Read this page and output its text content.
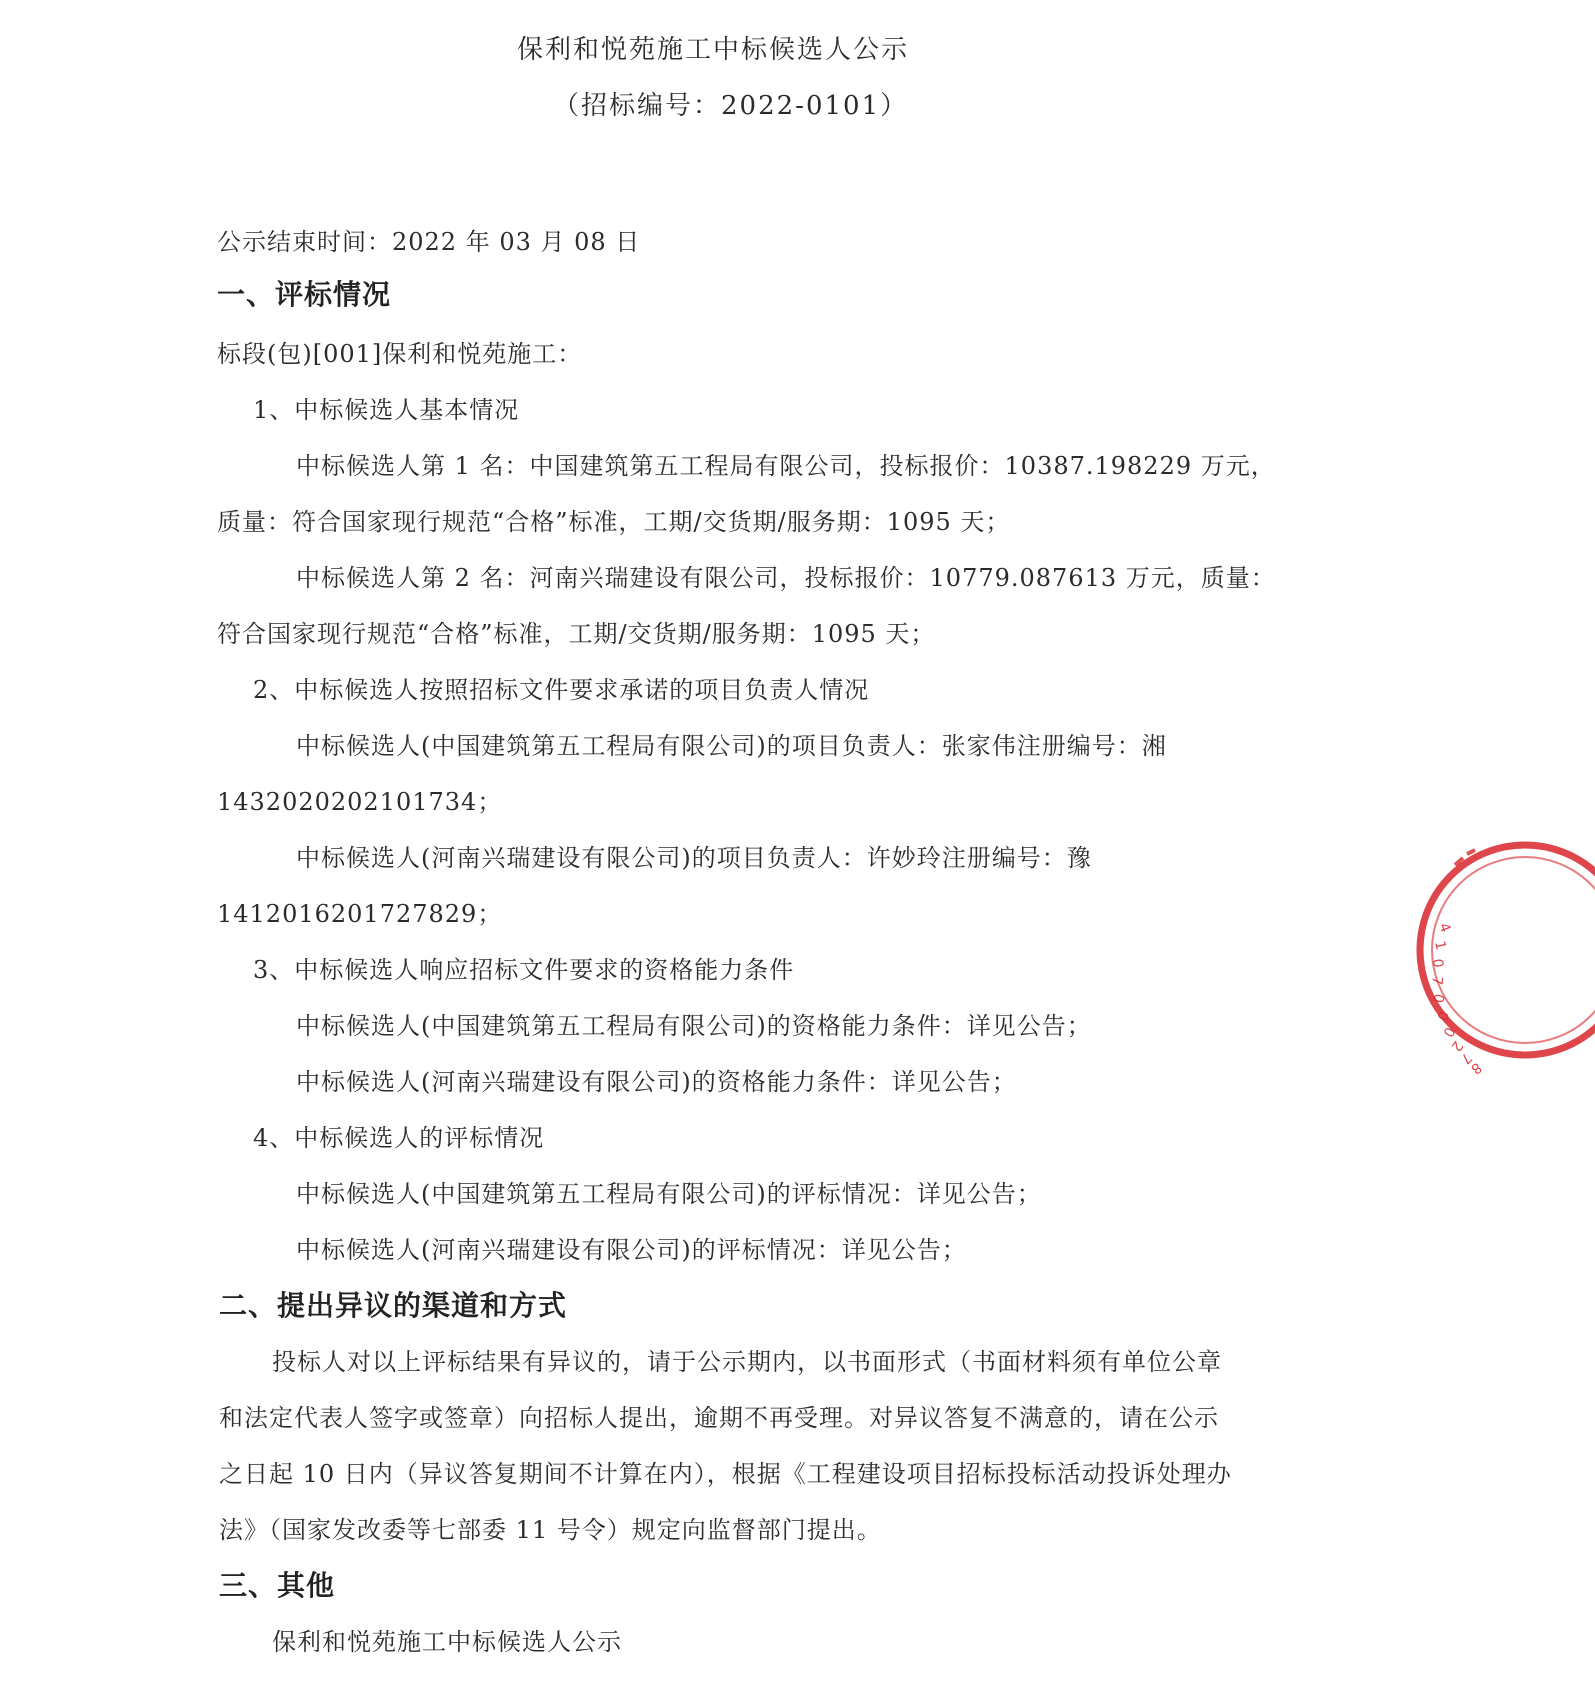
保利和悦苑施工中标候选人公示
（招标编号：2022-0101）
公示结束时间：2022 年 03 月 08 日
一、评标情况
标段(包)[001]保利和悦苑施工：
1、中标候选人基本情况
中标候选人第 1 名：中国建筑第五工程局有限公司，投标报价：10387.198229 万元，
质量：符合国家现行规范“合格”标准，工期/交货期/服务期：1095 天；
中标候选人第 2 名：河南兴瑞建设有限公司，投标报价：10779.087613 万元，质量：
符合国家现行规范“合格”标准，工期/交货期/服务期：1095 天；
2、中标候选人按照招标文件要求承诺的项目负责人情况
中标候选人(中国建筑第五工程局有限公司)的项目负责人：张家伟注册编号：湘
1432020202101734；
中标候选人(河南兴瑞建设有限公司)的项目负责人：许妙玲注册编号：豫
1412016201727829；
3、中标候选人响应招标文件要求的资格能力条件
中标候选人(中国建筑第五工程局有限公司)的资格能力条件：详见公告；
中标候选人(河南兴瑞建设有限公司)的资格能力条件：详见公告；
4、中标候选人的评标情况
中标候选人(中国建筑第五工程局有限公司)的评标情况：详见公告；
中标候选人(河南兴瑞建设有限公司)的评标情况：详见公告；
二、提出异议的渠道和方式
投标人对以上评标结果有异议的，请于公示期内，以书面形式（书面材料须有单位公章
和法定代表人签字或签章）向招标人提出，逾期不再受理。对异议答复不满意的，请在公示
之日起 10 日内（异议答复期间不计算在内），根据《工程建设项目招标投标活动投诉处理办
法》（国家发改委等七部委 11 号令）规定向监督部门提出。
三、其他
保利和悦苑施工中标候选人公示
4
1
0
7
0
0
0
2
7
8
